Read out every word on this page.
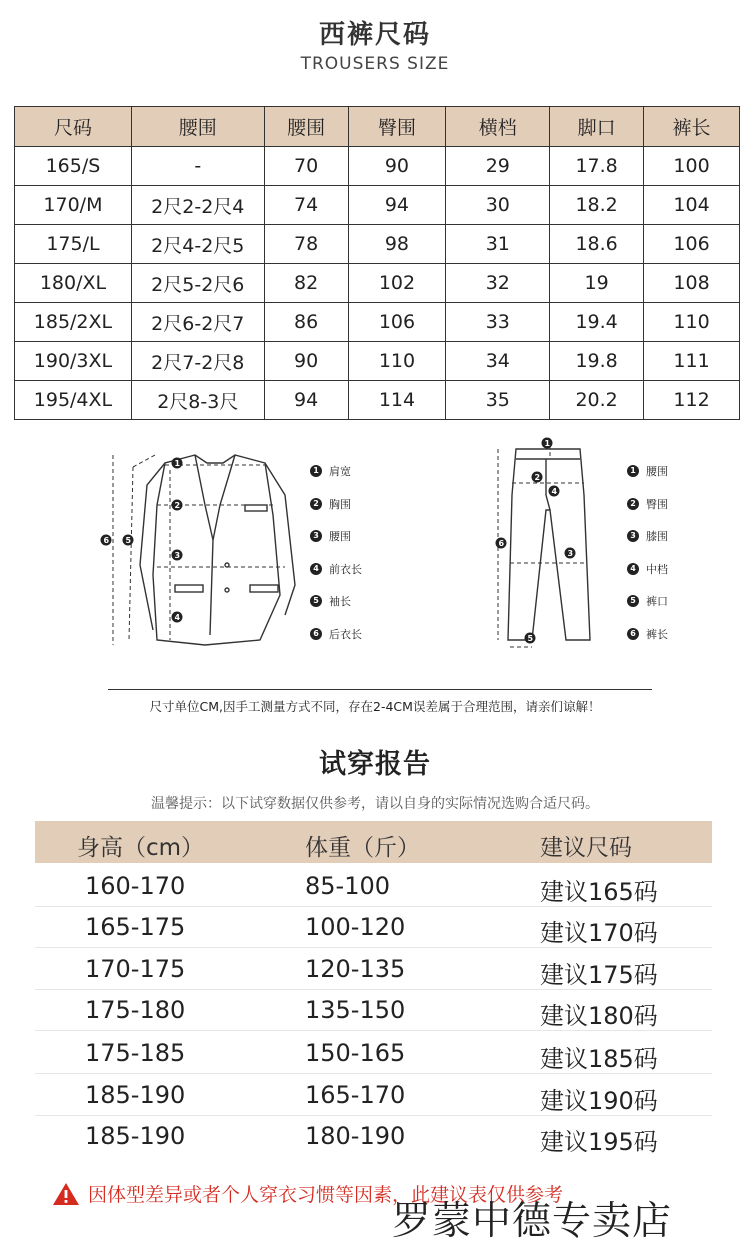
西裤尺码
TROUSERS SIZE
尺码	腰围	腰围	臀围	横档	脚口	裤长
165/S	-	70	90	29	17.8	100
170/M	2尺2-2尺4	74	94	30	18.2	104
175/L	2尺4-2尺5	78	98	31	18.6	106
180/XL	2尺5-2尺6	82	102	32	19	108
185/2XL	2尺6-2尺7	86	106	33	19.4	110
190/3XL	2尺7-2尺8	90	110	34	19.8	111
195/4XL	2尺8-3尺	94	114	35	20.2	112
1
2
3
4
5
6
1 肩宽
2 胸围
3 腰围
4 前衣长
5 袖长
6 后衣长
1
2
4
3
5
6
1 腰围
2 臀围
3 膝围
4 中档
5 裤口
6 裤长
尺寸单位CM,因手工测量方式不同，存在2-4CM误差属于合理范围，请亲们谅解！
试穿报告
温馨提示：以下试穿数据仅供参考，请以自身的实际情况选购合适尺码。
身高（cm）	体重（斤）	建议尺码
160-170	85-100	建议165码
165-175	100-120	建议170码
170-175	120-135	建议175码
175-180	135-150	建议180码
175-185	150-165	建议185码
185-190	165-170	建议190码
185-190	180-190	建议195码
因体型差异或者个人穿衣习惯等因素，此建议表仅供参考
罗蒙中德专卖店
